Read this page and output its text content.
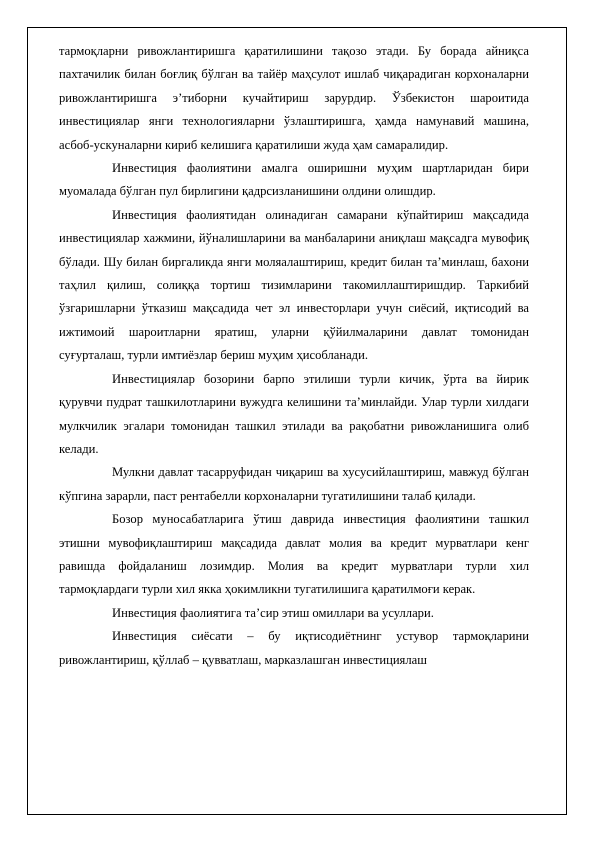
тармоқларни ривожлантиришга қаратилишини тақозо этади. Бу борада айниқса пахтачилик билан боғлиқ бўлган ва тайёр маҳсулот ишлаб чиқарадиган корхоналарни ривожлантиришга э’тиборни кучайтириш зарурдир. Ўзбекистон шароитида инвестициялар янги технологияларни ўзлаштиришга, ҳамда намунавий машина, асбоб-ускуналарни кириб келишига қаратилиши жуда ҳам самаралидир.

Инвестиция фаолиятини амалга оширишни муҳим шартларидан бири муомалада бўлган пул бирлигини қадрсизланишини олдини олишдир.

Инвестиция фаолиятидан олинадиган самарани кўпайтириш мақсадида инвестициялар хажмини, йўналишларини ва манбаларини аниқлаш мақсадга мувофиқ бўлади. Шу билан биргаликда янги моляалаштириш, кредит билан та’минлаш, бахони таҳлил қилиш, солиққа тортиш тизимларини такомиллаштиришдир. Таркибий ўзгаришларни ўтказиш мақсадида чет эл инвесторлари учун сиёсий, иқтисодий ва ижтимоий шароитларни яратиш, уларни қўйилмаларини давлат томонидан суғурталаш, турли имтиёзлар бериш муҳим ҳисобланади.

Инвестициялар бозорини барпо этилиши турли кичик, ўрта ва йирик қурувчи пудрат ташкилотларини вужудга келишини та’минлайди. Улар турли хилдаги мулкчилик эгалари томонидан ташкил этилади ва рақобатни ривожланишига олиб келади.

Мулкни давлат тасарруфидан чиқариш ва хусусийлаштириш, мавжуд бўлган кўпгина зарарли, паст рентабелли корхоналарни тугатилишини талаб қилади.

Бозор муносабатларига ўтиш даврида инвестиция фаолиятини ташкил этишни мувофиқлаштириш мақсадида давлат молия ва кредит мурватлари кенг равишда фойдаланиш лозимдир. Молия ва кредит мурватлари турли хил тармоқлардаги турли хил якка ҳокимликни тугатилишига қаратилмоғи керак.

Инвестиция фаолиятига та’сир этиш омиллари ва усуллари.

Инвестиция сиёсати – бу иқтисодиётнинг устувор тармоқларини ривожлантириш, қўллаб – қувватлаш, марказлашган инвестициялаш
